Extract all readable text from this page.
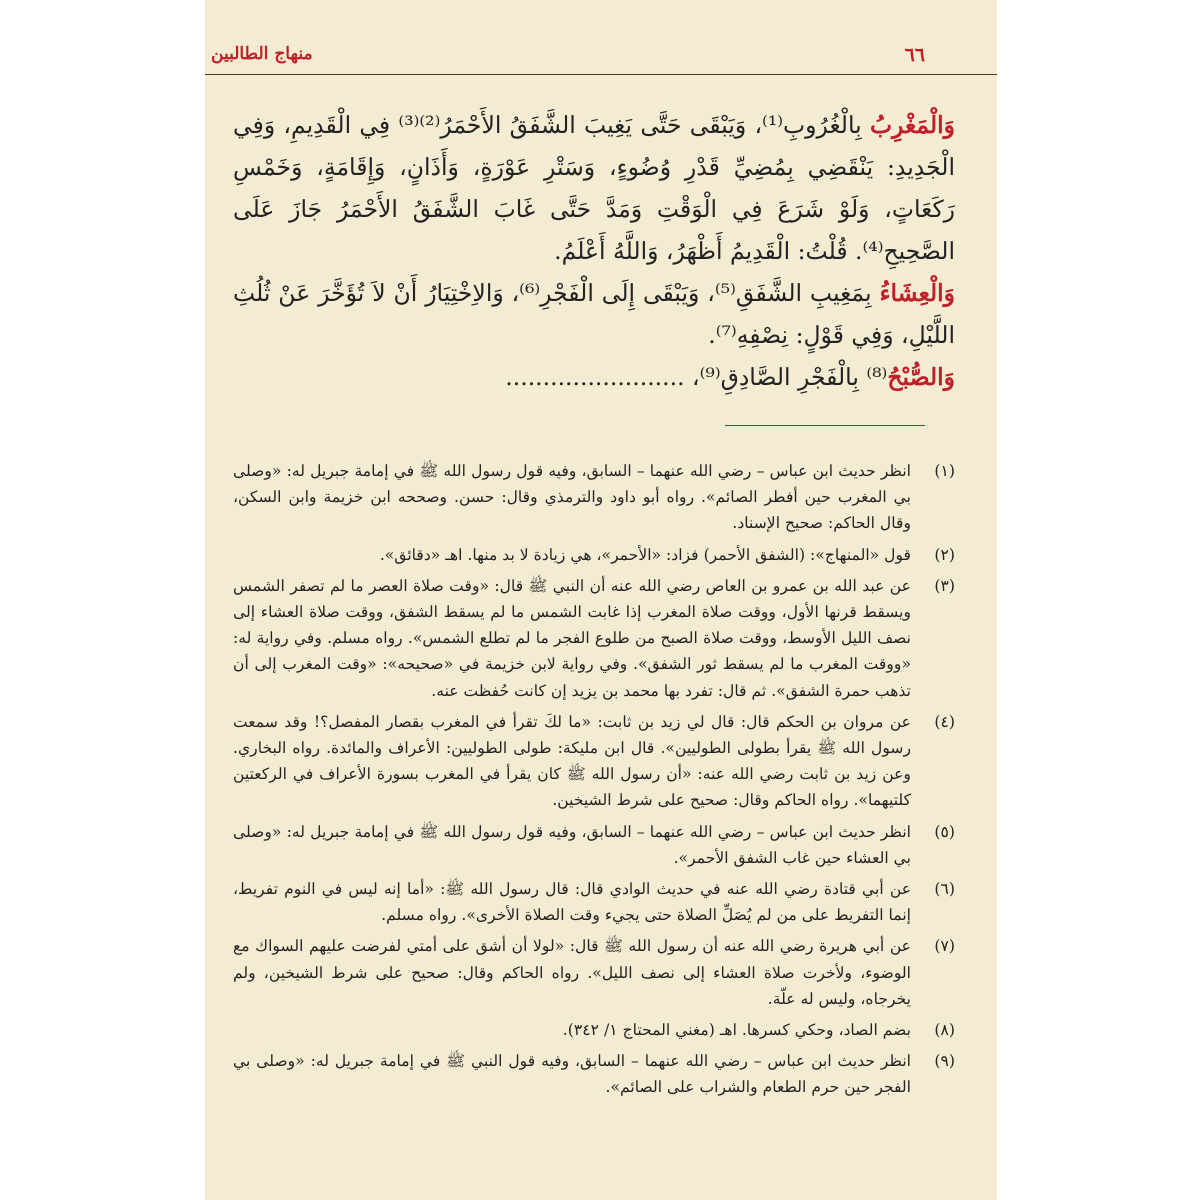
٦٦
منهاج الطالبين

وَالْمَغْرِبُ بِالْغُرُوبِ⁽¹⁾، وَيَبْقَى حَتَّى يَغِيبَ الشَّفَقُ الأَحْمَرُ⁽²⁾⁽³⁾ فِي الْقَدِيمِ، وَفِي الْجَدِيدِ: يَنْقَضِي بِمُضِيِّ قَدْرِ وُضُوءٍ، وَسَتْرِ عَوْرَةٍ، وَأَذَانٍ، وَإِقَامَةٍ، وَخَمْسِ رَكَعَاتٍ، وَلَوْ شَرَعَ فِي الْوَقْتِ وَمَدَّ حَتَّى غَابَ الشَّفَقُ الأَحْمَرُ جَازَ عَلَى الصَّحِيحِ⁽⁴⁾. قُلْتُ: الْقَدِيمُ أَظْهَرُ، وَاللَّهُ أَعْلَمُ.

وَالْعِشَاءُ بِمَغِيبِ الشَّفَقِ⁽⁵⁾، وَيَبْقَى إِلَى الْفَجْرِ⁽⁶⁾، وَالاِخْتِيَارُ أَنْ لاَ تُؤَخَّرَ عَنْ ثُلُثِ اللَّيْلِ، وَفِي قَوْلٍ: نِصْفِهِ⁽⁷⁾.

وَالصُّبْحُ⁽⁸⁾ بِالْفَجْرِ الصَّادِقِ⁽⁹⁾، ........................

(١)
انظر حديث ابن عباس – رضي الله عنهما – السابق، وفيه قول رسول الله ﷺ في إمامة جبريل له: «وصلى بي المغرب حين أفطر الصائم». رواه أبو داود والترمذي وقال: حسن. وصححه ابن خزيمة وابن السكن، وقال الحاكم: صحيح الإسناد.
(٢)
قول «المنهاج»: (الشفق الأحمر) فزاد: «الأحمر»، هي زيادة لا بد منها. اهـ «دقائق».
(٣)
عن عبد الله بن عمرو بن العاص رضي الله عنه أن النبي ﷺ قال: «وقت صلاة العصر ما لم تصفر الشمس ويسقط قرنها الأول، ووقت صلاة المغرب إذا غابت الشمس ما لم يسقط الشفق، ووقت صلاة العشاء إلى نصف الليل الأوسط، ووقت صلاة الصبح من طلوع الفجر ما لم تطلع الشمس». رواه مسلم. وفي رواية له: «ووقت المغرب ما لم يسقط ثور الشفق». وفي رواية لابن خزيمة في «صحيحه»: «وقت المغرب إلى أن تذهب حمرة الشفق». ثم قال: تفرد بها محمد بن يزيد إن كانت حُفظت عنه.
(٤)
عن مروان بن الحكم قال: قال لي زيد بن ثابت: «ما لكَ تقرأ في المغرب بقصار المفصل؟! وقد سمعت رسول الله ﷺ يقرأ بطولى الطوليين». قال ابن مليكة: طولى الطوليين: الأعراف والمائدة. رواه البخاري. وعن زيد بن ثابت رضي الله عنه: «أن رسول الله ﷺ كان يقرأ في المغرب بسورة الأعراف في الركعتين كلتيهما». رواه الحاكم وقال: صحيح على شرط الشيخين.
(٥)
انظر حديث ابن عباس – رضي الله عنهما – السابق، وفيه قول رسول الله ﷺ في إمامة جبريل له: «وصلى بي العشاء حين غاب الشفق الأحمر».
(٦)
عن أبي قتادة رضي الله عنه في حديث الوادي قال: قال رسول الله ﷺ: «أما إنه ليس في النوم تفريط، إنما التفريط على من لم يُصَلِّ الصلاة حتى يجيء وقت الصلاة الأخرى». رواه مسلم.
(٧)
عن أبي هريرة رضي الله عنه أن رسول الله ﷺ قال: «لولا أن أشق على أمتي لفرضت عليهم السواك مع الوضوء، ولأخرت صلاة العشاء إلى نصف الليل». رواه الحاكم وقال: صحيح على شرط الشيخين، ولم يخرجاه، وليس له علّة.
(٨)
بضم الصاد، وحكي كسرها. اهـ (مغني المحتاج ١/ ٣٤٢).
(٩)
انظر حديث ابن عباس – رضي الله عنهما – السابق، وفيه قول النبي ﷺ في إمامة جبريل له: «وصلى بي الفجر حين حرم الطعام والشراب على الصائم».
